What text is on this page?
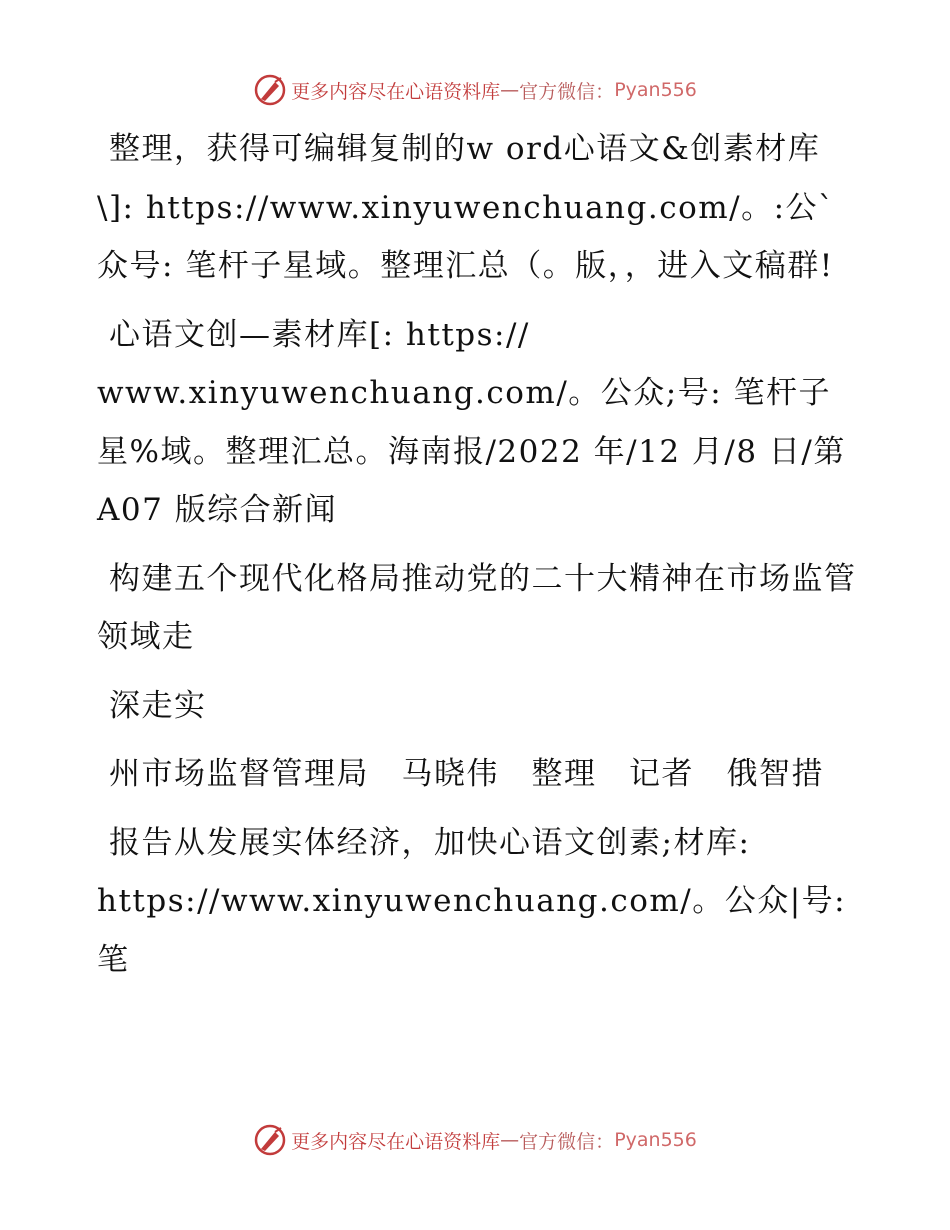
更多内容尽在心语资料库 — 官方微信： Pyan556

整理，获得可编辑复制的w ord心语文&创素材库\]: https://www.xinyuwenchuang.com/。:公`众号: 笔杆子星域。整理汇总（。版，，进入文稿群!

心语文创—素材库[: https:// www.xinyuwenchuang.com/。公众;号: 笔杆子星%域。整理汇总。海南报/2022 年/12 月/8 日/第 A07 版综合新闻

构建五个现代化格局推动党的二十大精神在市场监管领域走

深走实

州市场监督管理局　马晓伟　整理　记者　俄智措

报告从发展实体经济，加快心语文创素;材库: https://www.xinyuwenchuang.com/。公众|号: 笔

更多内容尽在心语资料库 — 官方微信： Pyan556
